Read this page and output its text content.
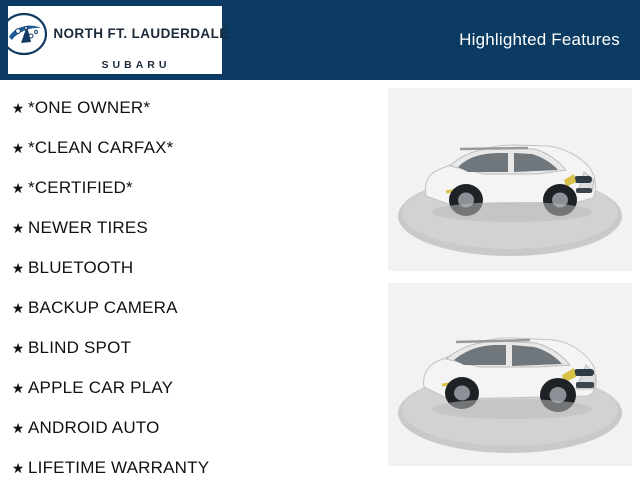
NORTH FT. LAUDERDALE
SUBARU
Highlighted Features
★ *ONE OWNER*
★ *CLEAN CARFAX*
★ *CERTIFIED*
★ NEWER TIRES
★ BLUETOOTH
★ BACKUP CAMERA
★ BLIND SPOT
★ APPLE CAR PLAY
★ ANDROID AUTO
★ LIFETIME WARRANTY
